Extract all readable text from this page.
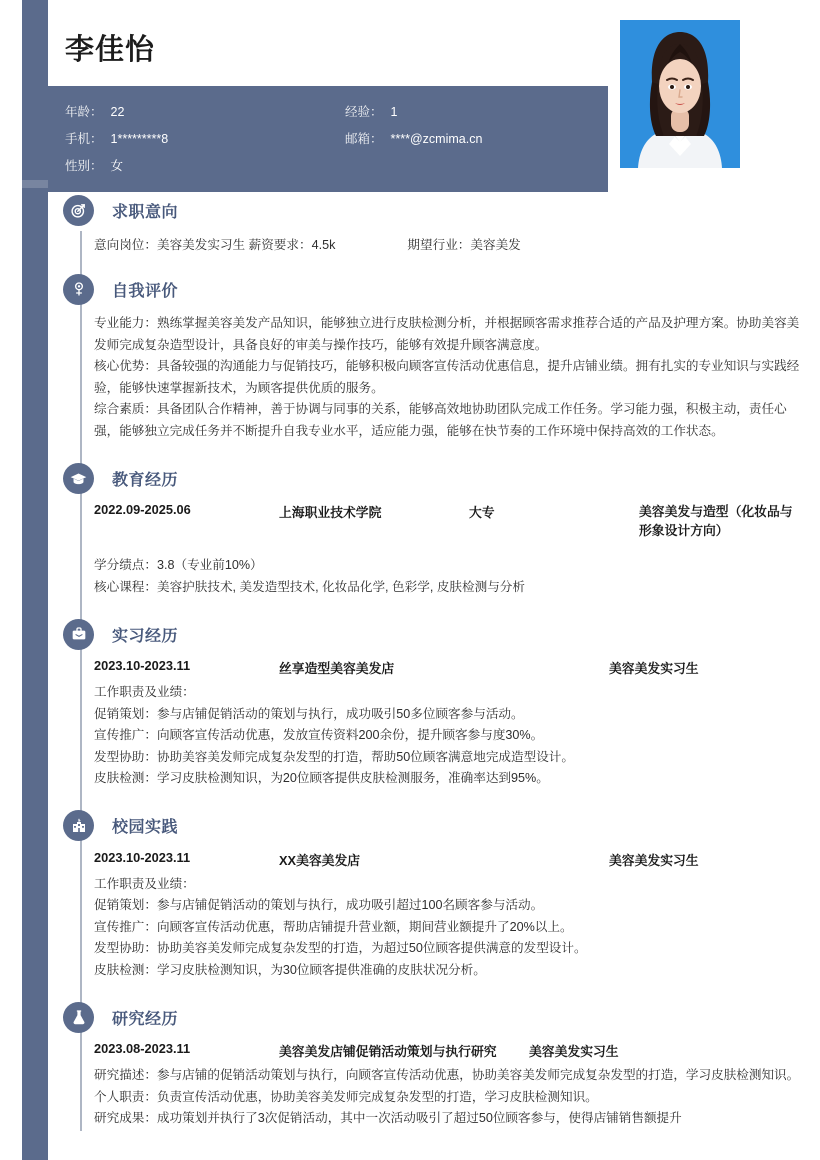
李佳怡
年龄： 22	经验： 1
手机： 1*********8	邮箱： ****@zcmima.cn
性别： 女
求职意向
意向岗位：美容美发实习生 薪资要求：4.5k	期望行业：美容美发
自我评价

专业能力：熟练掌握美容美发产品知识，能够独立进行皮肤检测分析，并根据顾客需求推荐合适的产品及护理方案。协助美容美发师完成复杂造型设计，具备良好的审美与操作技巧，能够有效提升顾客满意度。

核心优势：具备较强的沟通能力与促销技巧，能够积极向顾客宣传活动优惠信息，提升店铺业绩。拥有扎实的专业知识与实践经验，能够快速掌握新技术，为顾客提供优质的服务。

综合素质：具备团队合作精神，善于协调与同事的关系，能够高效地协助团队完成工作任务。学习能力强，积极主动，责任心强，能够独立完成任务并不断提升自我专业水平，适应能力强，能够在快节奏的工作环境中保持高效的工作状态。

教育经历
2022.09-2025.06	上海职业技术学院	大专	美容美发与造型（化妆品与形象设计方向）
学分绩点：3.8（专业前10%）
核心课程：美容护肤技术, 美发造型技术, 化妆品化学, 色彩学, 皮肤检测与分析
实习经历
2023.10-2023.11	丝享造型美容美发店	美容美发实习生
工作职责及业绩：
促销策划：参与店铺促销活动的策划与执行，成功吸引50多位顾客参与活动。
宣传推广：向顾客宣传活动优惠，发放宣传资料200余份，提升顾客参与度30%。
发型协助：协助美容美发师完成复杂发型的打造，帮助50位顾客满意地完成造型设计。
皮肤检测：学习皮肤检测知识，为20位顾客提供皮肤检测服务，准确率达到95%。
校园实践
2023.10-2023.11	XX美容美发店	美容美发实习生
工作职责及业绩：
促销策划：参与店铺促销活动的策划与执行，成功吸引超过100名顾客参与活动。
宣传推广：向顾客宣传活动优惠，帮助店铺提升营业额，期间营业额提升了20%以上。
发型协助：协助美容美发师完成复杂发型的打造，为超过50位顾客提供满意的发型设计。
皮肤检测：学习皮肤检测知识，为30位顾客提供准确的皮肤状况分析。
研究经历
2023.08-2023.11	美容美发店铺促销活动策划与执行研究	美容美发实习生
研究描述：参与店铺的促销活动策划与执行，向顾客宣传活动优惠，协助美容美发师完成复杂发型的打造，学习皮肤检测知识。
个人职责：负责宣传活动优惠，协助美容美发师完成复杂发型的打造，学习皮肤检测知识。
研究成果：成功策划并执行了3次促销活动，其中一次活动吸引了超过50位顾客参与，使得店铺销售额提升
